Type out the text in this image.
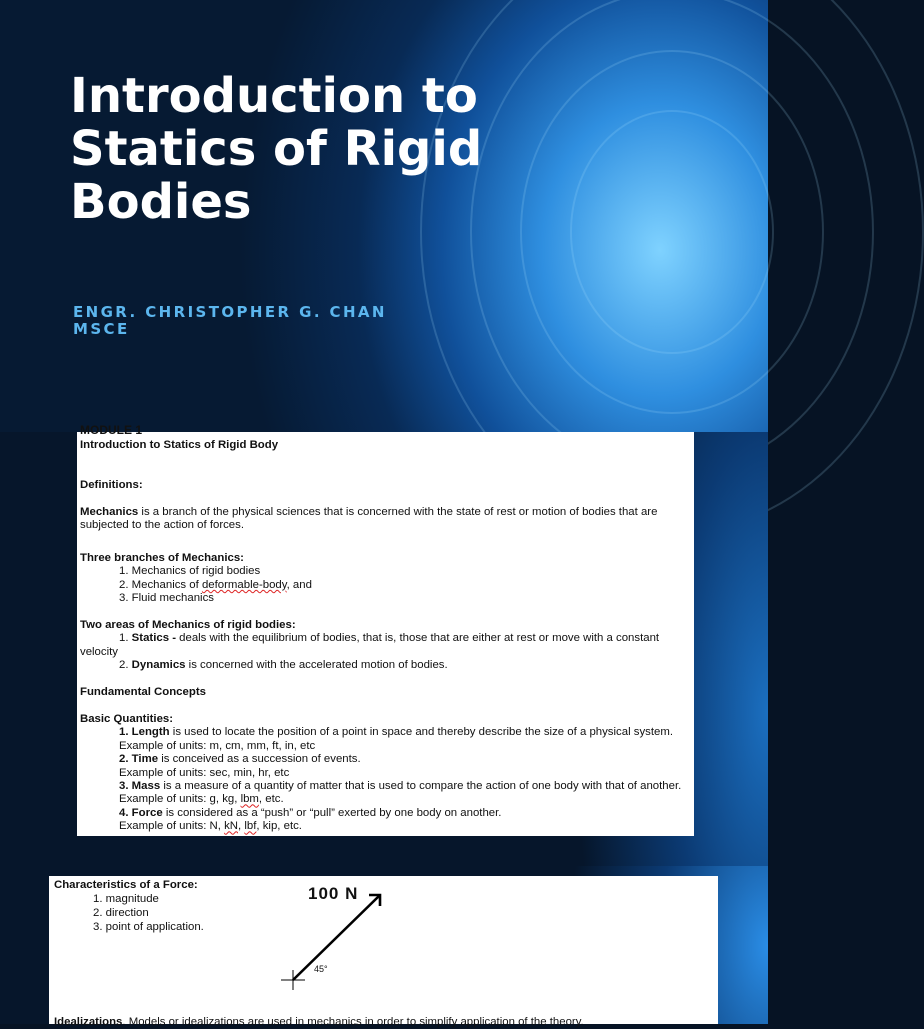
Introduction to Statics of Rigid Bodies
ENGR. CHRISTOPHER G. CHAN
MSCE
MODULE 1
Introduction to Statics of Rigid Body
Definitions:
Mechanics is a branch of the physical sciences that is concerned with the state of rest or motion of bodies that are subjected to the action of forces.
Three branches of Mechanics:
1. Mechanics of rigid bodies
2. Mechanics of deformable-body, and
3. Fluid mechanics
Two areas of Mechanics of rigid bodies:
1. Statics - deals with the equilibrium of bodies, that is, those that are either at rest or move with a constant velocity
2. Dynamics is concerned with the accelerated motion of bodies.
Fundamental Concepts
Basic Quantities:
1. Length is used to locate the position of a point in space and thereby describe the size of a physical system.
Example of units: m, cm, mm, ft, in, etc
2. Time is conceived as a succession of events.
Example of units: sec, min, hr, etc
3. Mass is a measure of a quantity of matter that is used to compare the action of one body with that of another.
Example of units: g, kg, lbm, etc.
4. Force is considered as a “push” or “pull” exerted by one body on another.
Example of units: N, kN, lbf, kip, etc.
Characteristics of a Force:
1. magnitude
2. direction
3. point of application.
100 N
45°
Idealizations. Models or idealizations are used in mechanics in order to simplify application of the theory.
